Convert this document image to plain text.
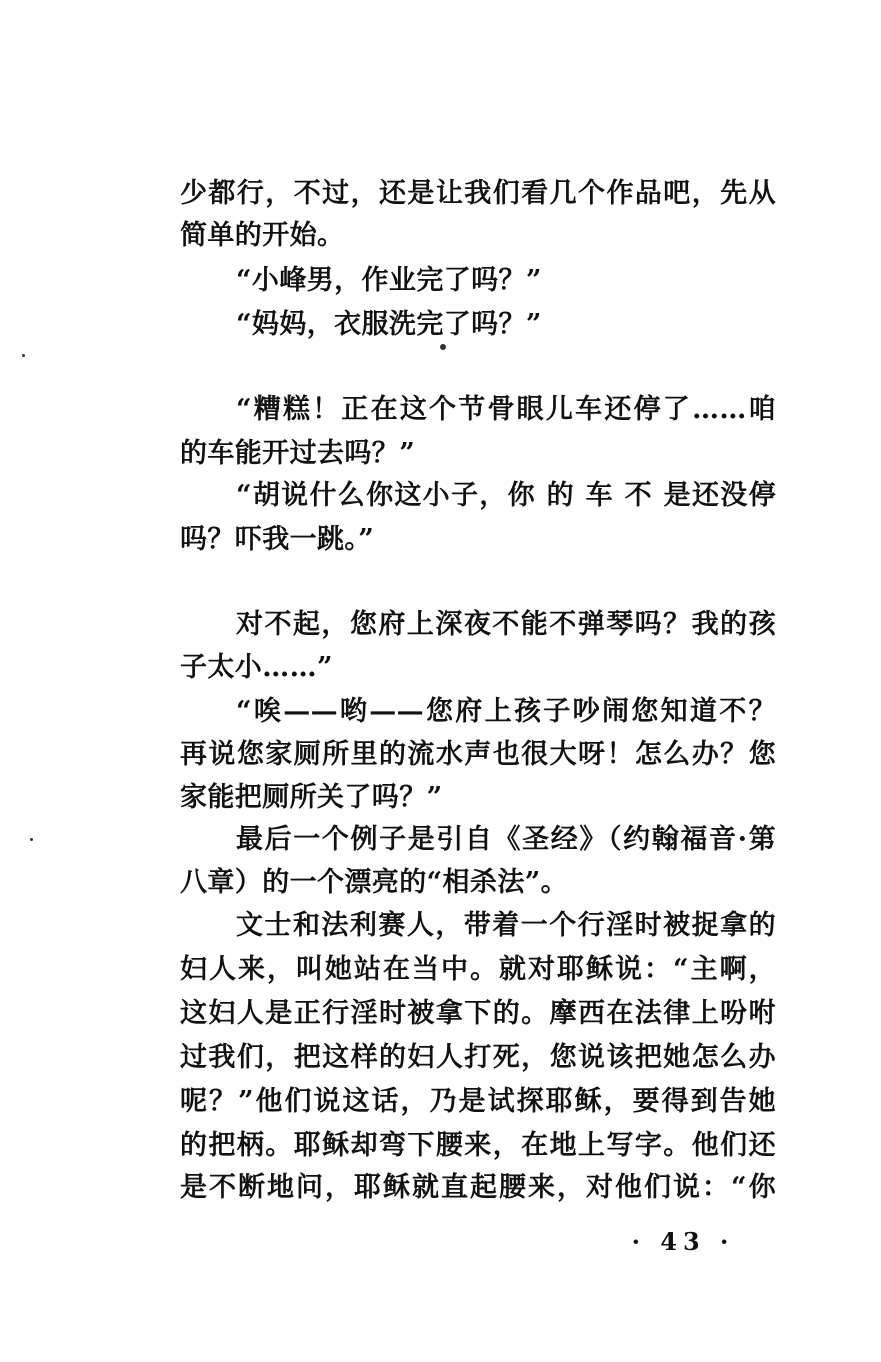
少都行，不过，还是让我们看几个作品吧，先从
简单的开始。
“小峰男，作业完了吗？”
“妈妈，衣服洗完了吗？”
“糟糕！正在这个节骨眼儿车还停了……咱
的车能开过去吗？”
“胡说什么你这小子，你 的 车 不 是还没停
吗？吓我一跳。”
对不起，您府上深夜不能不弹琴吗？我的孩
子太小……”
“唉——哟——您府上孩子吵闹您知道不？
再说您家厕所里的流水声也很大呀！怎么办？您
家能把厕所关了吗？”
最后一个例子是引自《圣经》（约翰福音·第
八章）的一个漂亮的“相杀法”。
文士和法利赛人，带着一个行淫时被捉拿的
妇人来，叫她站在当中。就对耶稣说：“主啊，
这妇人是正行淫时被拿下的。摩西在法律上吩咐
过我们，把这样的妇人打死，您说该把她怎么办
呢？”他们说这话，乃是试探耶稣，要得到告她
的把柄。耶稣却弯下腰来，在地上写字。他们还
是不断地问，耶稣就直起腰来，对他们说：“你
· 43 ·
